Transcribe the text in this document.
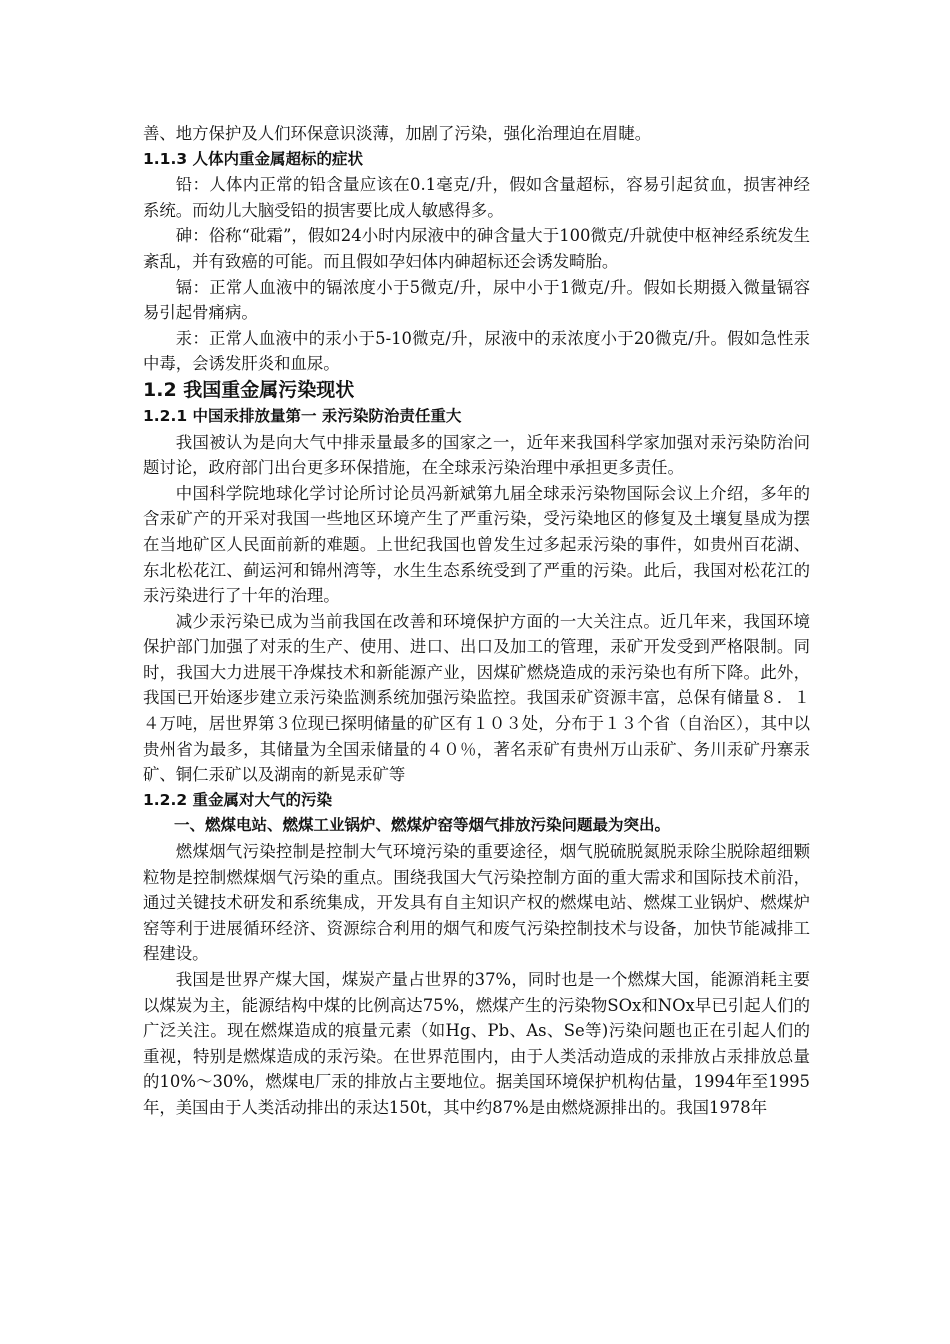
善、地方保护及人们环保意识淡薄，加剧了污染，强化治理迫在眉睫。

1.1.3 人体内重金属超标的症状

铅：人体内正常的铅含量应该在0.1毫克/升，假如含量超标，容易引起贫血，损害神经系统。而幼儿大脑受铅的损害要比成人敏感得多。

砷：俗称“砒霜”，假如24小时内尿液中的砷含量大于100微克/升就使中枢神经系统发生紊乱，并有致癌的可能。而且假如孕妇体内砷超标还会诱发畸胎。

镉：正常人血液中的镉浓度小于5微克/升，尿中小于1微克/升。假如长期摄入微量镉容易引起骨痛病。

汞：正常人血液中的汞小于5-10微克/升，尿液中的汞浓度小于20微克/升。假如急性汞中毒，会诱发肝炎和血尿。

1.2 我国重金属污染现状

1.2.1 中国汞排放量第一 汞污染防治责任重大

我国被认为是向大气中排汞量最多的国家之一，近年来我国科学家加强对汞污染防治问题讨论，政府部门出台更多环保措施，在全球汞污染治理中承担更多责任。

中国科学院地球化学讨论所讨论员冯新斌第九届全球汞污染物国际会议上介绍，多年的含汞矿产的开采对我国一些地区环境产生了严重污染，受污染地区的修复及土壤复垦成为摆在当地矿区人民面前新的难题。上世纪我国也曾发生过多起汞污染的事件，如贵州百花湖、东北松花江、蓟运河和锦州湾等，水生生态系统受到了严重的污染。此后，我国对松花江的汞污染进行了十年的治理。

减少汞污染已成为当前我国在改善和环境保护方面的一大关注点。近几年来，我国环境保护部门加强了对汞的生产、使用、进口、出口及加工的管理，汞矿开发受到严格限制。同时，我国大力进展干净煤技术和新能源产业，因煤矿燃烧造成的汞污染也有所下降。此外，我国已开始逐步建立汞污染监测系统加强污染监控。我国汞矿资源丰富，总保有储量８．１４万吨，居世界第３位现已探明储量的矿区有１０３处，分布于１３个省（自治区），其中以贵州省为最多，其储量为全国汞储量的４０％，著名汞矿有贵州万山汞矿、务川汞矿丹寨汞矿、铜仁汞矿以及湖南的新晃汞矿等

1.2.2 重金属对大气的污染

一、燃煤电站、燃煤工业锅炉、燃煤炉窑等烟气排放污染问题最为突出。

燃煤烟气污染控制是控制大气环境污染的重要途径，烟气脱硫脱氮脱汞除尘脱除超细颗粒物是控制燃煤烟气污染的重点。围绕我国大气污染控制方面的重大需求和国际技术前沿，通过关键技术研发和系统集成，开发具有自主知识产权的燃煤电站、燃煤工业锅炉、燃煤炉窑等利于进展循环经济、资源综合利用的烟气和废气污染控制技术与设备，加快节能减排工程建设。

我国是世界产煤大国，煤炭产量占世界的37%，同时也是一个燃煤大国，能源消耗主要以煤炭为主，能源结构中煤的比例高达75%，燃煤产生的污染物SOx和NOx早已引起人们的广泛关注。现在燃煤造成的痕量元素（如Hg、Pb、As、Se等)污染问题也正在引起人们的重视，特别是燃煤造成的汞污染。在世界范围内，由于人类活动造成的汞排放占汞排放总量的10%～30%，燃煤电厂汞的排放占主要地位。据美国环境保护机构估量，1994年至1995年，美国由于人类活动排出的汞达150t，其中约87%是由燃烧源排出的。我国1978年
